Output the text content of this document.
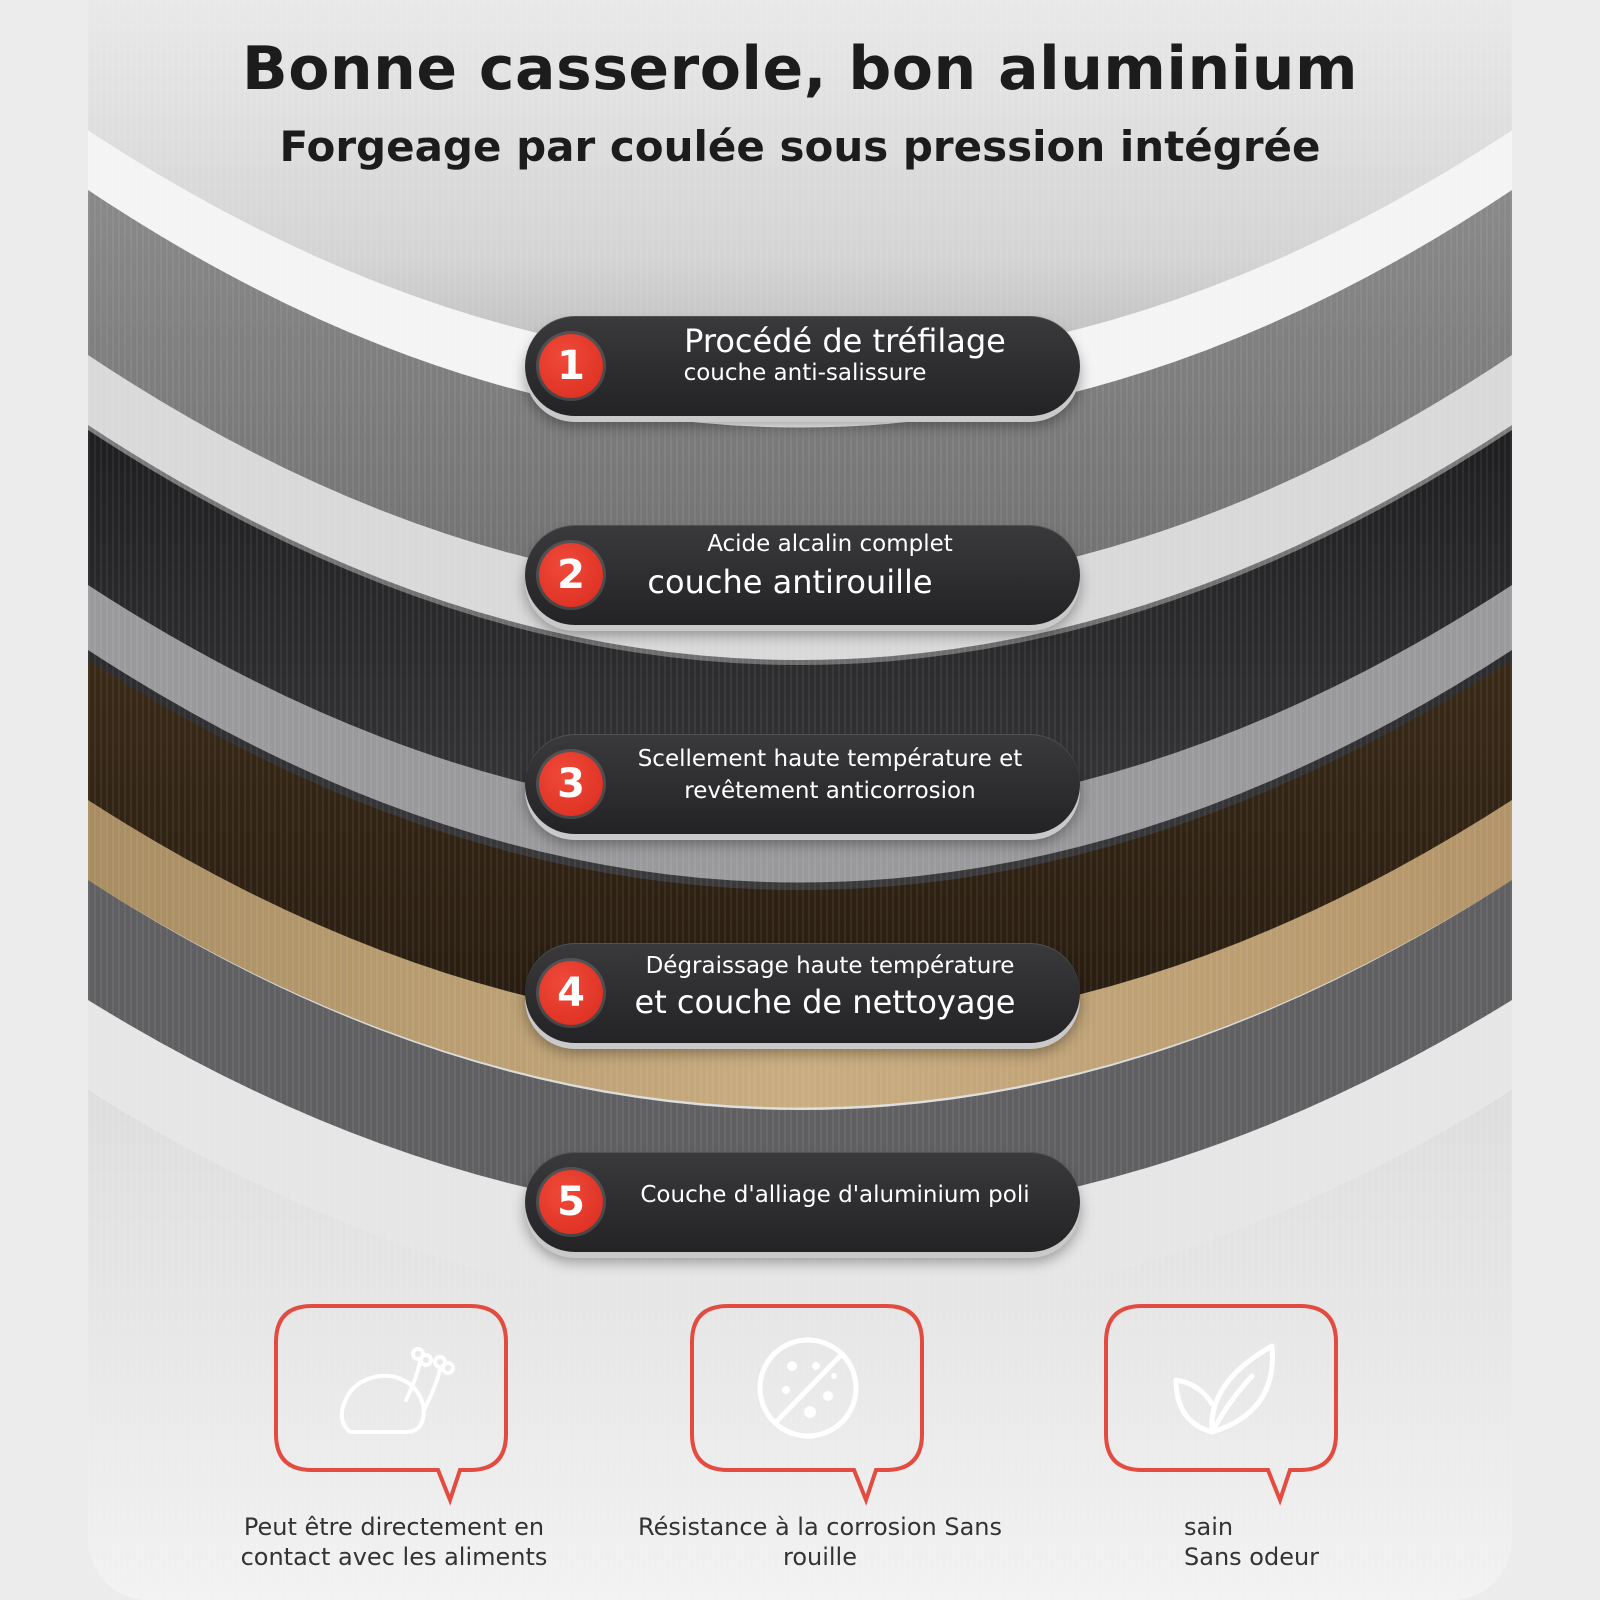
Bonne casserole, bon aluminium
Forgeage par coulée sous pression intégrée
1
Procédé de tréfilage
couche anti-salissure
2
Acide alcalin complet
couche antirouille
3
Scellement haute température et
revêtement anticorrosion
4
Dégraissage haute température
et couche de nettoyage
5	Couche d'alliage d'aluminium poli
Peut être directement en
contact avec les aliments
Résistance à la corrosion Sans
rouille
sain
Sans odeur
